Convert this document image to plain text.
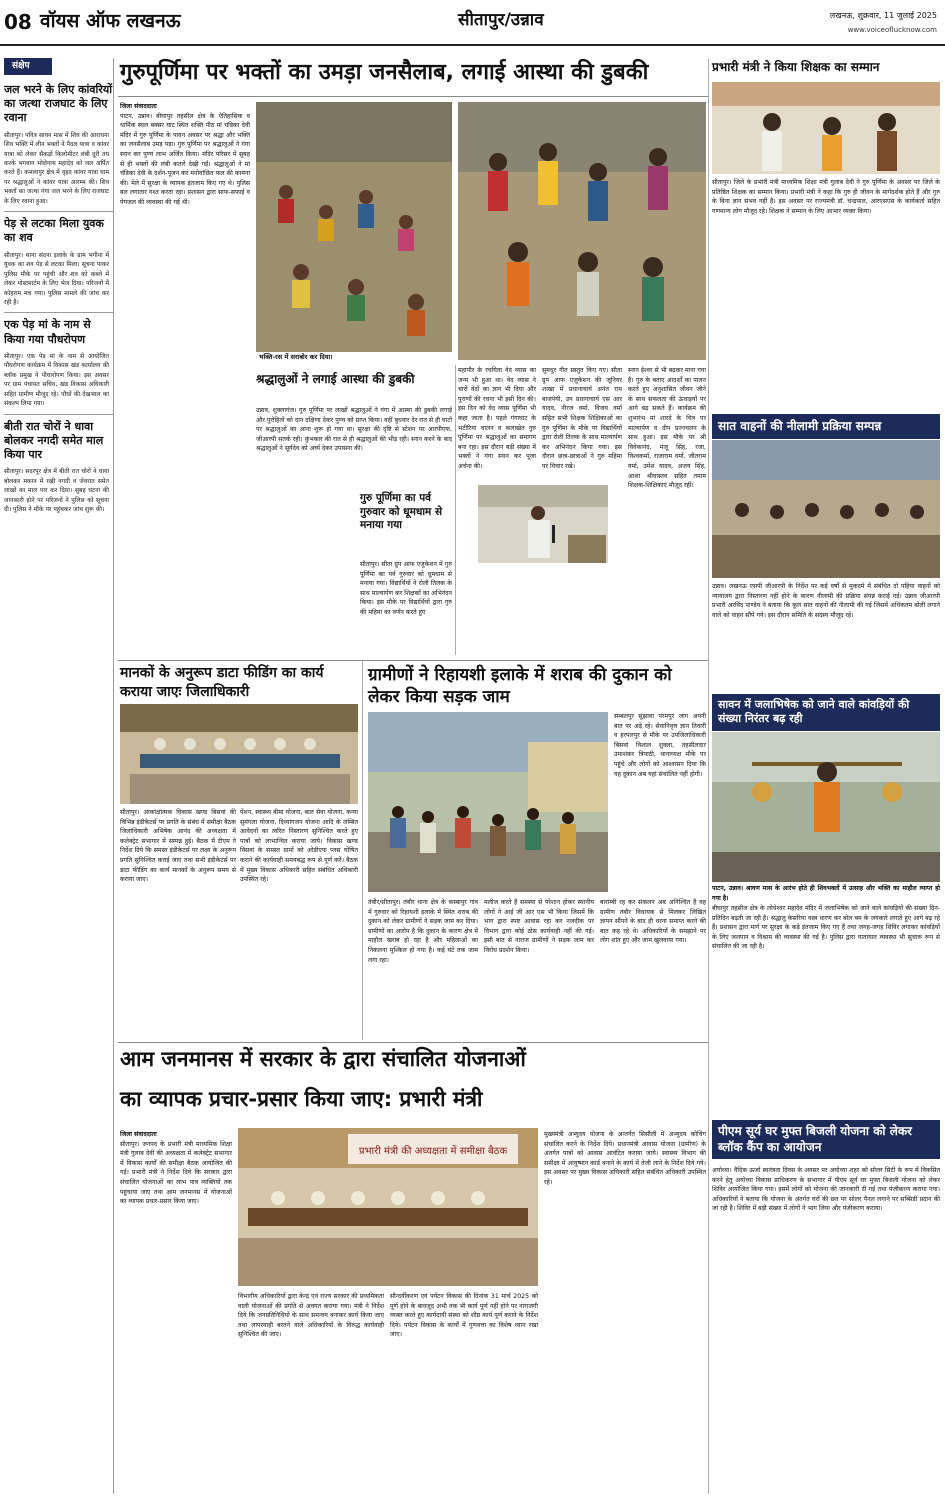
08 वॉयस ऑफ लखनऊ	सीतापुर/उन्नाव	लखनऊ, शुक्रवार, 11 जुलाई 2025
www.voiceoflucknow.com
संक्षेप
जल भरने के लिए कांवरियों का जत्था राजघाट के लिए रवाना
सीतापुर। पवित्र सावन मास में शिव की आराधना शिव भक्ति में लीन भक्तों ने पैदल यात्रा व कांवर यात्रा को लेकर सैकड़ों किलोमीटर लंबी दूरी तय करके भगवान भोलेनाथ महादेव को जल अर्पित करते हैं। कमलापुर क्षेत्र में वृहद कांवर यात्रा धाम पर श्रद्धालुओं ने कांवर यात्रा आरम्भ की। शिव भक्तों का जत्था गंगा जल भरने के लिए राजघाट के लिए रवाना हुआ।
पेड़ से लटका मिला युवक का शव
सीतापुर। थाना संदना इलाके के ग्राम भगीना में युवक का शव पेड़ से लटका मिला। सूचना पाकर पुलिस मौके पर पहुंची और शव को कब्जे में लेकर पोस्टमार्टम के लिए भेज दिया। परिजनों में कोहराम मच गया। पुलिस मामले की जांच कर रही है।
एक पेड़ मां के नाम से किया गया पौधरोपण
सीतापुर। एक पेड़ मां के नाम से आयोजित पौधरोपण कार्यक्रम में विकास खंड कार्यालय की ब्लॉक प्रमुख ने पौधारोपण किया। इस अवसर पर ग्राम पंचायत सचिव, खंड विकास अधिकारी सहित ग्रामीण मौजूद रहे। पौधों की देखभाल का संकल्प लिया गया।
बीती रात चोरों ने धावा बोलकर नगदी समेत माल किया पार
सीतापुर। सदरपुर क्षेत्र में बीती रात चोरों ने धावा बोलकर मकान में रखी नगदी व जेवरात समेत लाखों का माल पार कर दिया। सुबह घटना की जानकारी होने पर परिजनों ने पुलिस को सूचना दी। पुलिस ने मौके पर पहुंचकर जांच शुरू की।
गुरुपूर्णिमा पर भक्तों का उमड़ा जनसैलाब, लगाई आस्था की डुबकी
जिला संवाददाता
पाटन, उन्नाव। बीघापुर तहसील क्षेत्र के ऐतिहासिक व धार्मिक स्थल बक्सर घाट स्थित शक्ति पीठ मां चंडिका देवी मंदिर में गुरु पूर्णिमा के पावन अवसर पर श्रद्धा और भक्ति का जनसैलाब उमड़ पड़ा। गुरु पूर्णिमा पर श्रद्धालुओं ने गंगा स्नान कर पुण्य लाभ अर्जित किया। मंदिर परिसर में सुबह से ही भक्तों की लंबी कतारें देखी गईं। श्रद्धालुओं ने मां चंडिका देवी के दर्शन-पूजन कर मनोवांछित फल की कामना की। मेले में सुरक्षा के व्यापक इंतजाम किए गए थे। पुलिस बल लगातार गश्त करता रहा। प्रशासन द्वारा साफ-सफाई व पेयजल की व्यवस्था की गई थी।
भक्ति-रस में सराबोर कर दिया।
श्रद्धालुओं ने लगाई आस्था की डुबकी
उन्नाव, शुक्लागंज। गुरु पूर्णिमा पर लाखों श्रद्धालुओं ने गंगा में आस्था की डुबकी लगाई और पुरोहितों को दान दक्षिणा देकर पुण्य को प्राप्त किया। वहीं बुधवार देर रात से ही घाटों पर श्रद्धालुओं का आना शुरू हो गया था। सुरक्षा की दृष्टि से स्टेशन पर आरपीएफ, जीआरपी सतर्क रही। कुंभकार की रात से ही श्रद्धालुओं की भीड़ रही। स्नान करने के बाद श्रद्धालुओं ने सूर्यदेव को अर्घ्य देकर उपासना की।
महापौर के रचयिता वेद व्यास का जन्म भी हुआ था। वेद व्यास ने चारों वेदों का ज्ञान भी दिया और पुराणों की रचना भी इसी दिन की। इस दिन को वेद व्यास पूर्णिमा भी कहा जाता है। पहले गंगाघाट के भटीरिया चालन व कलाखेत गुरु पूर्णिमा पर श्रद्धालुओं का समागम बना रहा। इस दौरान बड़ी संख्या में भक्तों ने गंगा स्नान कर पूजा अर्चना की।
सुमधुर गीत प्रस्तुत किए गए। सीता ग्रुप आफ एजुकेशन की जूनियर शाखा में प्रधानाचार्य अनंत राम बाजपेयी, उप प्रधानाचार्य एस आर यादव, नीरज वर्मा, विजय वर्मा सहित सभी शिक्षक शिक्षिकाओं का गुरु पूर्णिमा के मौके पर विद्यार्थियों द्वारा रोली तिलक के साथ माल्यार्पण कर अभिनंदन किया गया। इस दौरान छात्र-छात्राओं ने गुरु महिमा पर विचार रखे।
स्नान ईश्वर से भी बढ़कर माना गया है। गुरु के बताए आदर्शों का पालन करते हुए अनुशासित जीवन जीने के साथ सफलता की ऊंचाइयों पर आगे बढ़ सकते हैं। कार्यक्रम की शुभारंभ मां शारदे के चित्र पर माल्यार्पण व दीप प्रज्ज्वलन के साथ हुआ। इस मौके पर श्री विवेकानंद, मंजू सिंह, रजा, विश्वकर्मा, राजाराम वर्मा, जीतराम वर्मा, उमेश यादव, अजय सिंह, आशा श्रीवास्तव सहित तमाम शिक्षक-शिक्षिकाएं मौजूद रहीं।
गुरु पूर्णिमा का पर्व गुरुवार को धूमधाम से मनाया गया
सीतापुर। सीता ग्रुप आफ एजुकेशन में गुरु पूर्णिमा का पर्व गुरुवार को धूमधाम से मनाया गया। विद्यार्थियों ने रोली तिलक के साथ माल्यार्पण कर शिक्षकों का अभिनंदन किया। इस मौके पर विद्यार्थियों द्वारा गुरु की महिमा का वर्णन करते हुए
मानकों के अनुरूप डाटा फीडिंग का कार्य कराया जाएः जिलाधिकारी
सीतापुर। आकांक्षात्मक विकास खण्ड बिसवां की विभिन्न इंडीकेटर्स पर प्रगति के संबंध में समीक्षा बैठक जिलाधिकारी अभिषेक आनंद की अध्यक्षता में कलेक्ट्रेट सभागार में सम्पन्न हुई। बैठक में टीएम ने निर्देश दिये कि समस्त इंडीकेटर्स पर लक्ष्य के अनुरूप प्रगति सुनिश्चित कराई जाए तथा सभी इंडीकेटर्स पर डाटा फीडिंग का कार्य मानकों के अनुरूप समय से कराया जाए।
पेंशन, स्वास्थ्य बीमा योजना, बाल सेवा योजना, कन्या सुमंगला योजना, दिव्यांगजन योजना आदि के लम्बित आवेदनों का त्वरित निस्तारण सुनिश्चित करते हुए पात्रों को लाभान्वित कराया जाये। विकास खण्ड विसवां के समस्त ग्रामों को ओडीएफ प्लस घोषित कराने की कार्यवाही समयबद्ध रूप से पूर्ण करें। बैठक में मुख्य विकास अधिकारी सहित संबंधित अधिकारी उपस्थित रहे।
ग्रामीणों ने रिहायशी इलाके में शराब की दुकान को लेकर किया सड़क जाम
सम्बलपुर सुझावा परमपुर जाग अपनी बात पर अड़े रहे। सेवानिवृत्त ज्ञान तिवारी व हरपलपुर से मौके पर उपजिलाधिकारी बिसवां विशाल शुक्ला, तहसीलदार उमाशंकर त्रिपाठी, थानाध्यक्ष मौके पर पहुंचे और लोगों को आश्वासन दिया कि यह दुकान अब यहां संचालित नहीं होगी।
तंबौर/सीतापुर। तंबौर थाना क्षेत्र के कस्बापुर गांव में गुरुवार को रिहायशी इलाके में स्थित शराब की दुकान को लेकर ग्रामीणों ने सड़क जाम कर दिया। ग्रामीणों का आरोप है कि दुकान के कारण क्षेत्र में माहौल खराब हो रहा है और महिलाओं का निकलना मुश्किल हो गया है। कई घंटे तक जाम लगा रहा।
मलीज करते है समस्या से परेशान होकर स्थानीय लोगों ने आई जी आर एस भी किया जिसमें कि भाग द्वारा स्पष्ट आवास रहा कर नजदीक पर विभाग द्वारा कोई ठोस कार्यवाही नहीं की गई। इसी बात से नाराज ग्रामीणों ने सड़क जाम कर विरोध प्रदर्शन किया।
बाराम्बी रह कर संकलन अब अनिश्चित है वह ग्रामीण तंबौर विधायक से मिलकर लिखित ज्ञापन सौंपने के बाद ही धरना समाप्त करने की बात कह रहे थे। अधिकारियों के समझाने पर लोग शांत हुए और जाम खुलवाया गया।
आम जनमानस में सरकार के द्वारा संचालित योजनाओं
का व्यापक प्रचार-प्रसार किया जाए: प्रभारी मंत्री
जिला संवाददाता
सीतापुर। जनपद के प्रभारी मंत्री माध्यमिक शिक्षा मंत्री गुलाब देवी की अध्यक्षता में कलेक्ट्रेट सभागार में विकास कार्यों की समीक्षा बैठक आयोजित की गई। प्रभारी मंत्री ने निर्देश दिये कि सरकार द्वारा संचालित योजनाओं का लाभ पात्र व्यक्तियों तक पहुंचाया जाए तथा आम जनमानस में योजनाओं का व्यापक प्रचार-प्रसार किया जाए।
प्रभारी मंत्री की अध्यक्षता में समीक्षा बैठक
विभागीय अधिकारियों द्वारा केन्द्र एवं राज्य सरकार की प्राथमिकता वाली योजनाओं की प्रगति से अवगत कराया गया। मंत्री ने निर्देश दिये कि जनप्रतिनिधियों के साथ समन्वय बनाकर कार्य किया जाए तथा लापरवाही बरतने वाले अधिकारियों के विरुद्ध कार्यवाही सुनिश्चित की जाए।
सौन्दर्यीकरण एवं पर्यटन विकास की दिनांक 31 मार्च 2025 को पूर्ण होने के बावजूद अभी तक भी कार्य पूर्ण नहीं होने पर नाराजगी व्यक्त करते हुए कार्यदायी संस्था को शीघ्र कार्य पूर्ण कराने के निर्देश दिये। पर्यटन विकास के कार्यों में गुणवत्ता का विशेष ध्यान रखा जाए।
मुख्यमंत्री अभ्युदय योजना के अन्तर्गत सिसौली में अभ्युदय कोचिंग संचालित करने के निर्देश दिये। प्रधानमंत्री आवास योजना (ग्रामीण) के अंतर्गत पात्रों को आवास आवंटित कराया जाये। स्वास्थ्य विभाग की समीक्षा में आयुष्मान कार्ड बनाने के कार्य में तेजी लाने के निर्देश दिये गये। इस अवसर पर मुख्य विकास अधिकारी सहित संबंधित अधिकारी उपस्थित रहे।
प्रभारी मंत्री ने किया शिक्षक का सम्मान
सीतापुर। जिले के प्रभारी मंत्री माध्यमिक शिक्षा मंत्री गुलाब देवी ने गुरु पूर्णिमा के अवसर पर जिले के प्रतिष्ठित शिक्षक का सम्मान किया। प्रभारी मंत्री ने कहा कि गुरु ही जीवन के मार्गदर्शक होते हैं और गुरु के बिना ज्ञान संभव नहीं है। इस अवसर पर राज्यमंत्री डॉ. चन्द्रपाल, आरएसएस के कार्यकर्ता सहित गणमान्य लोग मौजूद रहे। शिक्षक ने सम्मान के लिए आभार व्यक्त किया।
सात वाहनों की नीलामी प्रक्रिया सम्पन्न
उन्नाव। लखनऊ एसपी जीआरपी के निर्देश पर कई वर्षों से मुकदमे में संबंधित दो पहिया वाहनों को न्यायालय द्वारा निस्तारण नहीं होने के कारण नीलामी की प्रक्रिया संपन्न कराई गई। उन्नाव जीआरपी प्रभारी अरविंद पाण्डेय ने बताया कि कुल सात वाहनों की नीलामी की गई जिसमें अधिकतम बोली लगाने वाले को वाहन सौंपे गये। इस दौरान समिति के सदस्य मौजूद रहे।
सावन में जलाभिषेक को जाने वाले कांवड़ियों की संख्या निरंतर बढ़ रही
पाटन, उन्नाव। श्रावण मास के आरंभ होते ही शिवभक्तों में उत्साह और भक्ति का माहौल व्याप्त हो गया है।
बीघापुर तहसील क्षेत्र के लोधेश्वर महादेव मंदिर में जलाभिषेक को जाने वाले कांवड़ियों की संख्या दिन-प्रतिदिन बढ़ती जा रही है। श्रद्धालु केसरिया वस्त्र धारण कर बोल बम के जयकारे लगाते हुए आगे बढ़ रहे हैं। प्रशासन द्वारा मार्ग पर सुरक्षा के कड़े इंतजाम किए गए हैं तथा जगह-जगह शिविर लगाकर कांवड़ियों के लिए जलपान व विश्राम की व्यवस्था की गई है। पुलिस द्वारा यातायात व्यवस्था भी सुचारू रूप से संचालित की जा रही है।
पीएम सूर्य घर मुफ्त बिजली योजना को लेकर ब्लॉक कैंप का आयोजन
अयोध्या। वैदिक ऊर्जा स्वतंत्रता दिवस के अवसर पर अयोध्या शहर को सोलर सिटी के रूप में विकसित करने हेतु अयोध्या विकास प्राधिकरण के सभागार में पीएम सूर्य घर मुफ्त बिजली योजना को लेकर शिविर आयोजित किया गया। इसमें लोगों को योजना की जानकारी दी गई तथा पंजीकरण कराया गया। अधिकारियों ने बताया कि योजना के अंतर्गत घरों की छत पर सोलर पैनल लगाने पर सब्सिडी प्रदान की जा रही है। शिविर में बड़ी संख्या में लोगों ने भाग लिया और पंजीकरण कराया।
